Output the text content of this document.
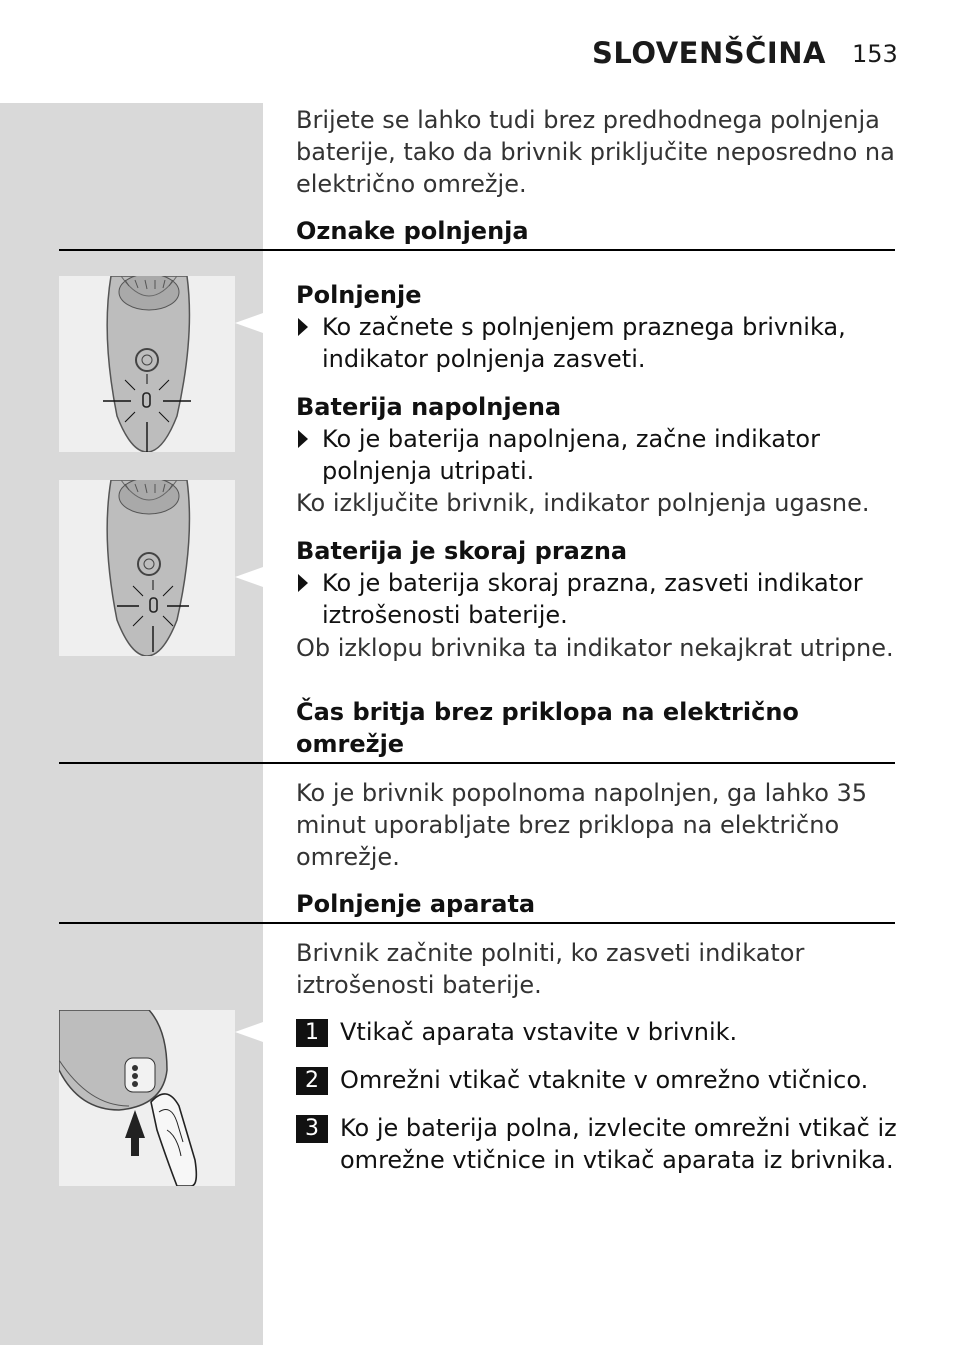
SLOVENŠČINA 153
Brijete se lahko tudi brez predhodnega polnjenja
baterije, tako da brivnik priključite neposredno na
električno omrežje.
Oznake polnjenja
Polnjenje
Ko začnete s polnjenjem praznega brivnika,
indikator polnjenja zasveti.
Baterija napolnjena
Ko je baterija napolnjena, začne indikator
polnjenja utripati.
Ko izključite brivnik, indikator polnjenja ugasne.
Baterija je skoraj prazna
Ko je baterija skoraj prazna, zasveti indikator
iztrošenosti baterije.
Ob izklopu brivnika ta indikator nekajkrat utripne.
Čas britja brez priklopa na električno
omrežje
Ko je brivnik popolnoma napolnjen, ga lahko 35
minut uporabljate brez priklopa na električno
omrežje.
Polnjenje aparata
Brivnik začnite polniti, ko zasveti indikator
iztrošenosti baterije.
1 Vtikač aparata vstavite v brivnik.
2 Omrežni vtikač vtaknite v omrežno vtičnico.
3 Ko je baterija polna, izvlecite omrežni vtikač iz
omrežne vtičnice in vtikač aparata iz brivnika.
